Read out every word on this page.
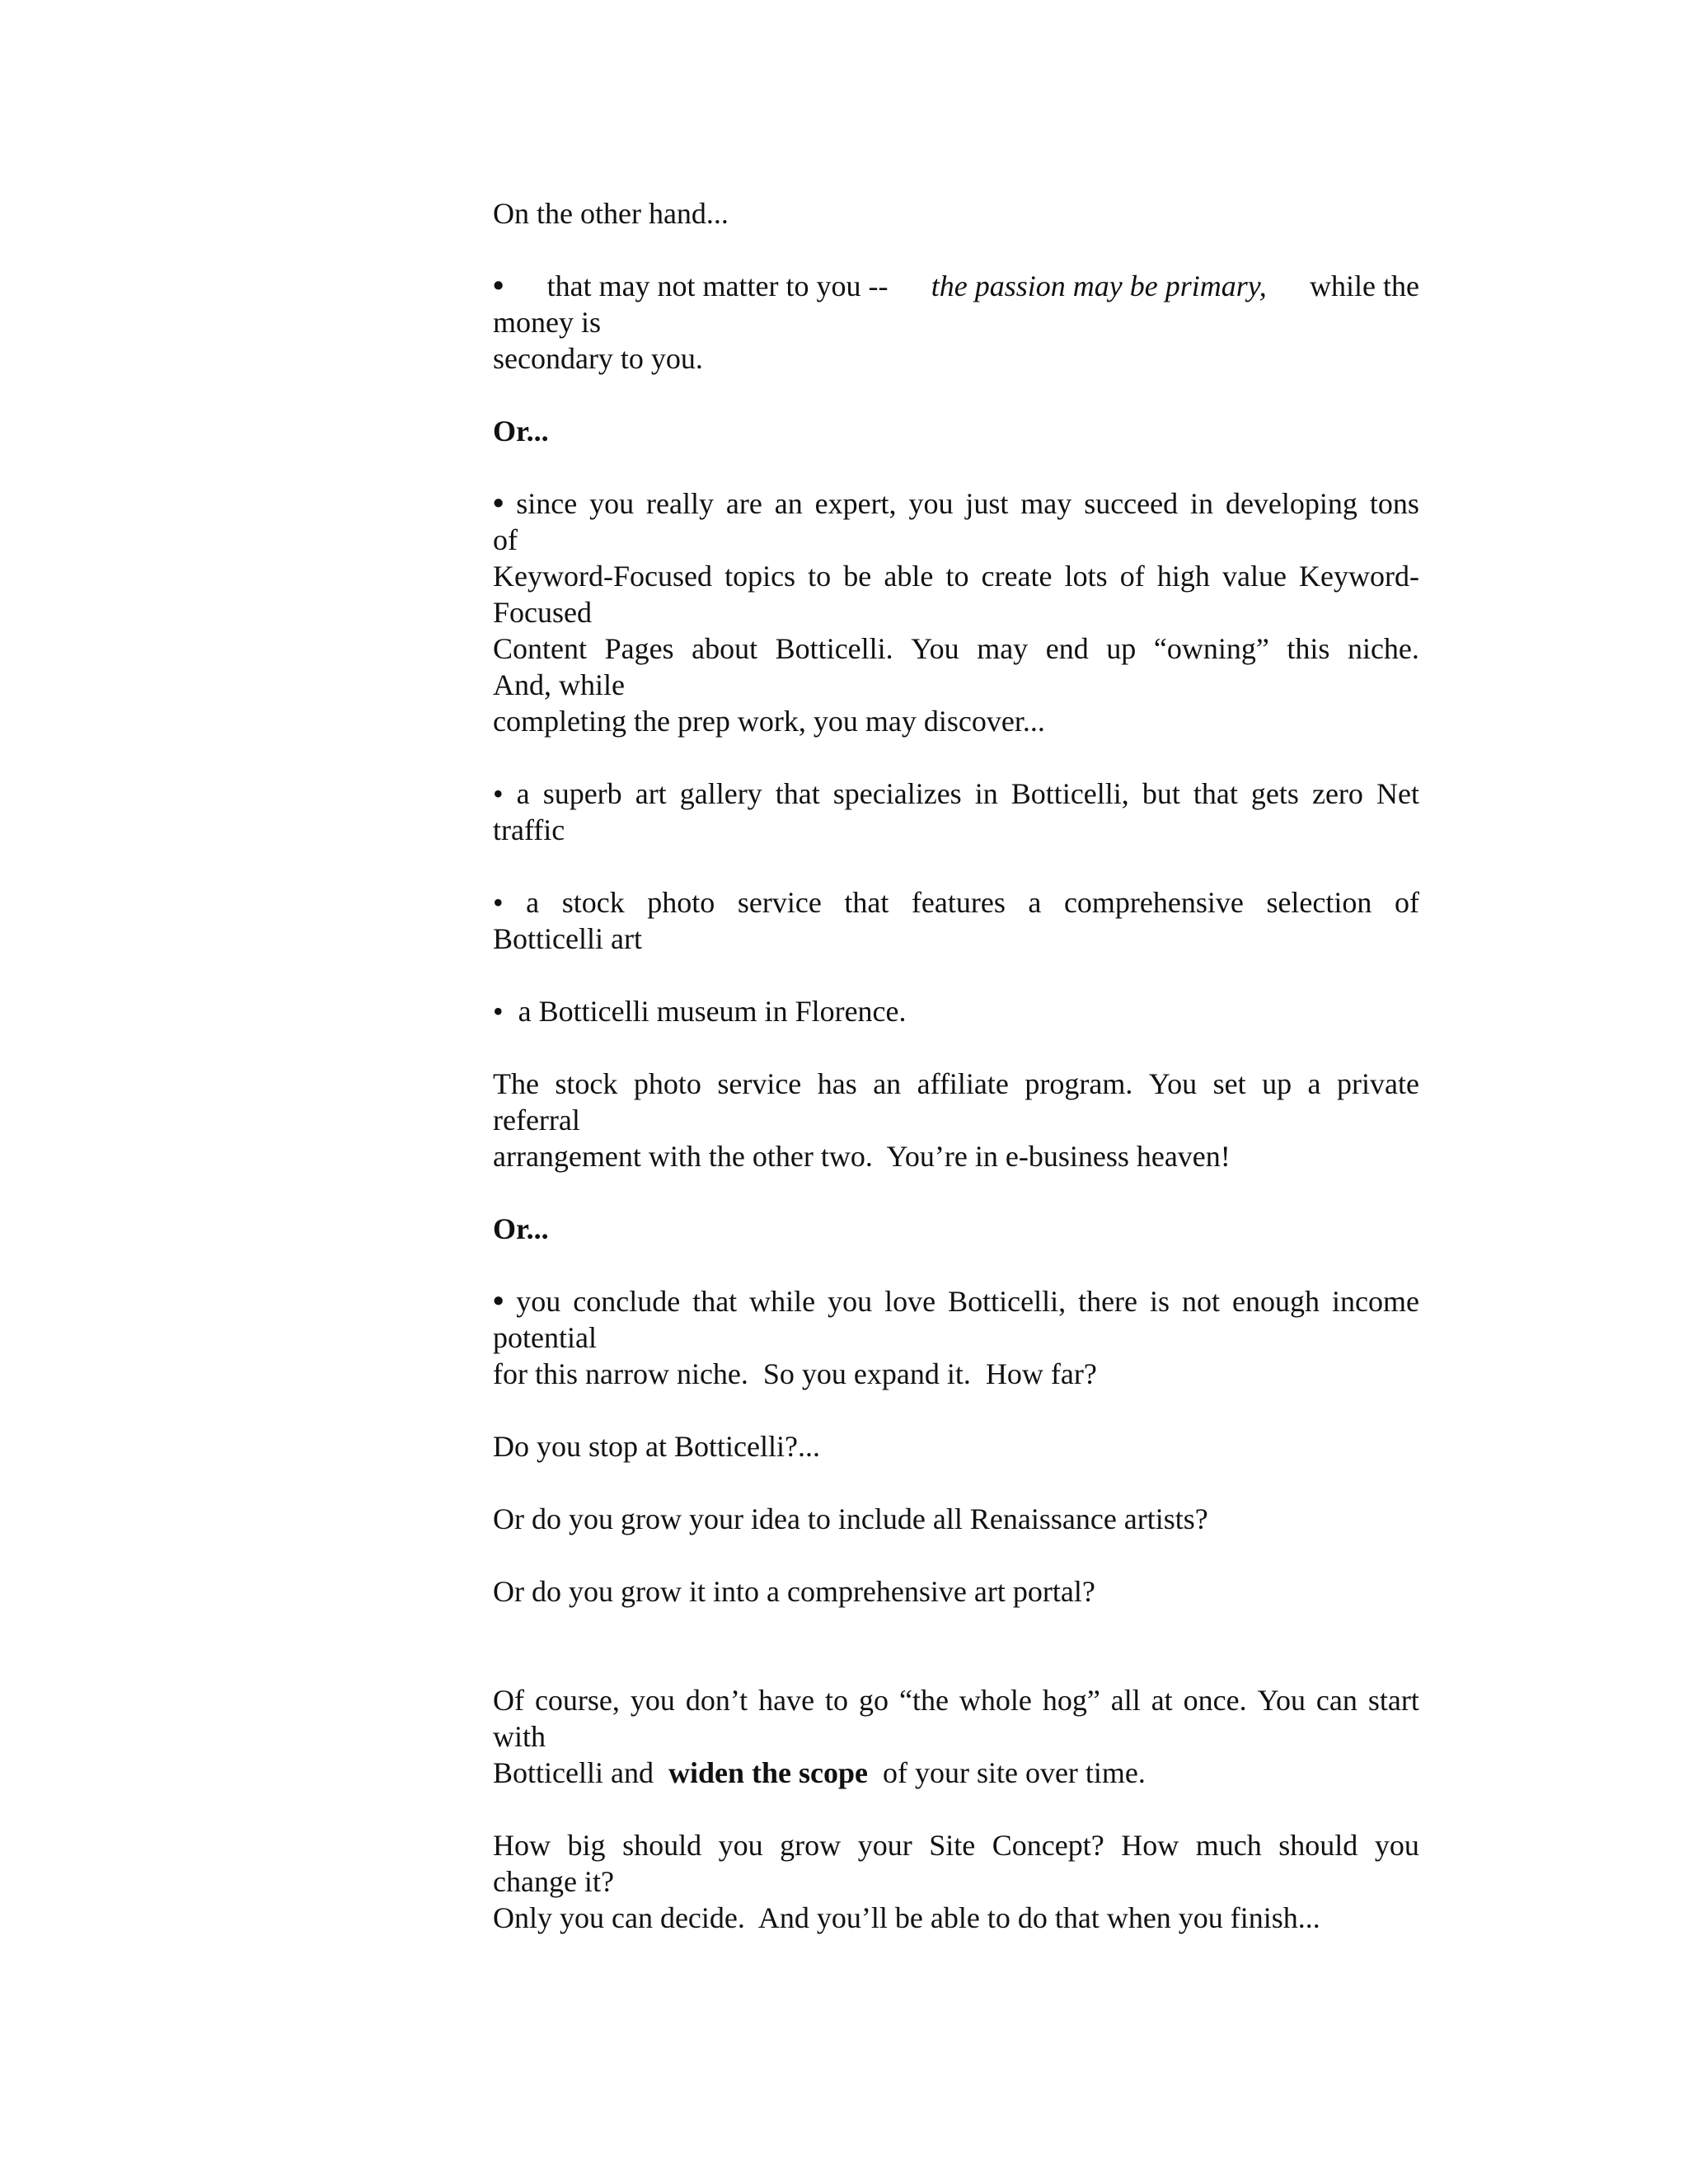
On the other hand...
• that may not matter to you -- the passion may be primary, while the
money is
secondary to you.
Or...
• since you really are an expert, you just may succeed in developing tons
of
Keyword-Focused topics to be able to create lots of high value Keyword-
Focused
Content Pages about Botticelli. You may end up “owning” this niche.
And, while
completing the prep work, you may discover...
• a superb art gallery that specializes in Botticelli, but that gets zero Net
traffic
• a stock photo service that features a comprehensive selection of
Botticelli art
• a Botticelli museum in Florence.
The stock photo service has an affiliate program. You set up a private
referral
arrangement with the other two.  You’re in e-business heaven!
Or...
• you conclude that while you love Botticelli, there is not enough income
potential
for this narrow niche.  So you expand it.  How far?
Do you stop at Botticelli?...
Or do you grow your idea to include all Renaissance artists?
Or do you grow it into a comprehensive art portal?
Of course, you don’t have to go “the whole hog” all at once. You can start
with
Botticelli and widen the scope of your site over time.
How big should you grow your Site Concept? How much should you
change it?
Only you can decide.  And you’ll be able to do that when you finish...
